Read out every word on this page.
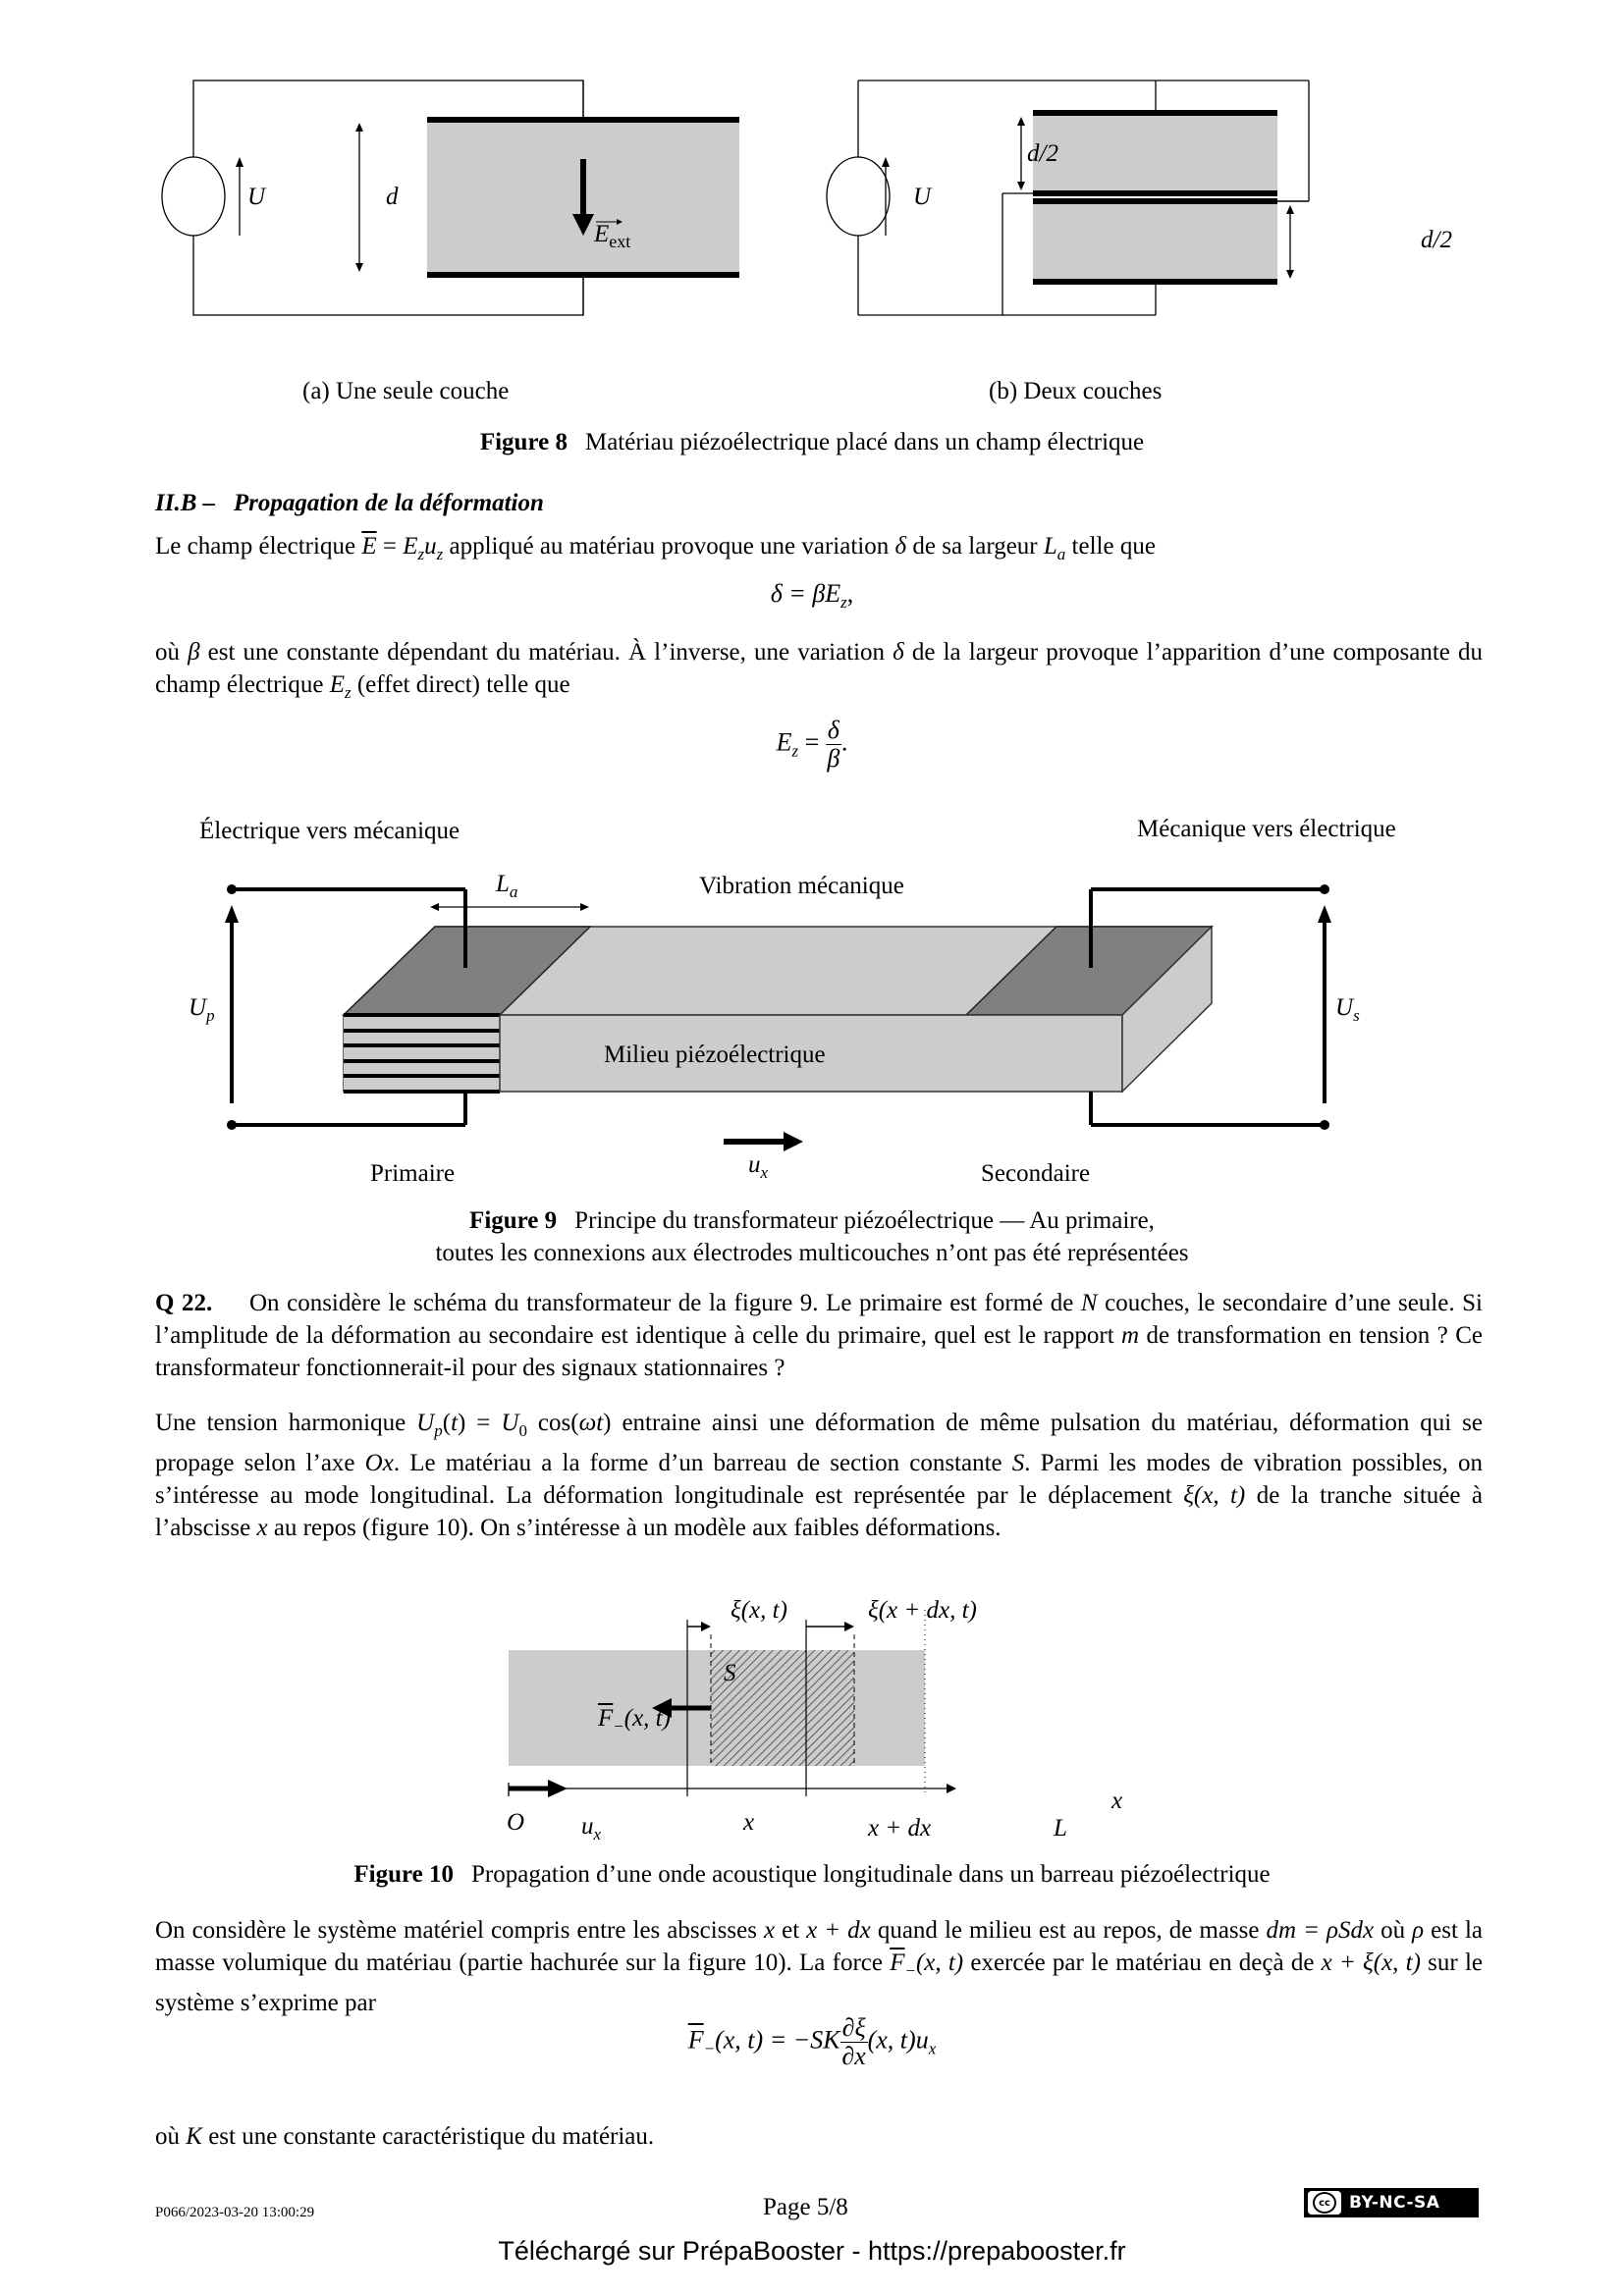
U	d
$E_{ext}$
U
d/2
d/2
(a) Une seule couche	(b) Deux couches
Figure 8 Matériau piézoélectrique placé dans un champ électrique
II.B – Propagation de la déformation
Le champ électrique $\overline{E} = E_zu_z$ appliqué au matériau provoque une variation δ de sa largeur $L_a$ telle que
$\delta = \beta E_z$,
où β est une constante dépendant du matériau. À l’inverse, une variation δ de la largeur provoque l’apparition d’une composante du champ électrique $E_z$ (effet direct) telle que
$E_z = \frac{\delta}{\beta}$ .
Électrique vers mécanique	Mécanique vers électrique
$L_a$	Vibration mécanique
$U_p$	$U_s$
Milieu piézoélectrique
Primaire	$u_x$	Secondaire
Figure 9 Principe du transformateur piézoélectrique — Au primaire,
toutes les connexions aux électrodes multicouches n’ont pas été représentées
Q 22. On considère le schéma du transformateur de la figure 9. Le primaire est formé de N couches, le secondaire d’une seule. Si l’amplitude de la déformation au secondaire est identique à celle du primaire, quel est le rapport m de transformation en tension ? Ce transformateur fonctionnerait-il pour des signaux stationnaires ?
Une tension harmonique $U_p(t) = U_0$ cos(ωt) entraine ainsi une déformation de même pulsation du matériau, déformation qui se propage selon l’axe Ox. Le matériau a la forme d’un barreau de section constante S. Parmi les modes de vibration possibles, on s’intéresse au mode longitudinal. La déformation longitudinale est représentée par le déplacement ξ(x, t) de la tranche située à l’abscisse x au repos (figure 10). On s’intéresse à un modèle aux faibles déformations.
ξ(x, t)	ξ(x + dx, t)
S
$\overline{F}_-(x$, t)
O $u_x$	x	x + dx	L
x
Figure 10 Propagation d’une onde acoustique longitudinale dans un barreau piézoélectrique
On considère le système matériel compris entre les abscisses x et x + dx quand le milieu est au repos, de masse dm = ρSdx où ρ est la masse volumique du matériau (partie hachurée sur la figure 10). La force $\overline{F}_-(x$, t) exercée par le matériau en deçà de x + ξ(x, t) sur le système s’exprime par
$\overline{F}_-(x$, $t) = -SK \frac{\partial\xi}{\partial x} (x$, $t)u_x$
où K est une constante caractéristique du matériau.
P066/2023-03-20 13:00:29	Page 5/8	cc	BY-NC-SA
Téléchargé sur PrépaBooster - https://prepabooster.fr
